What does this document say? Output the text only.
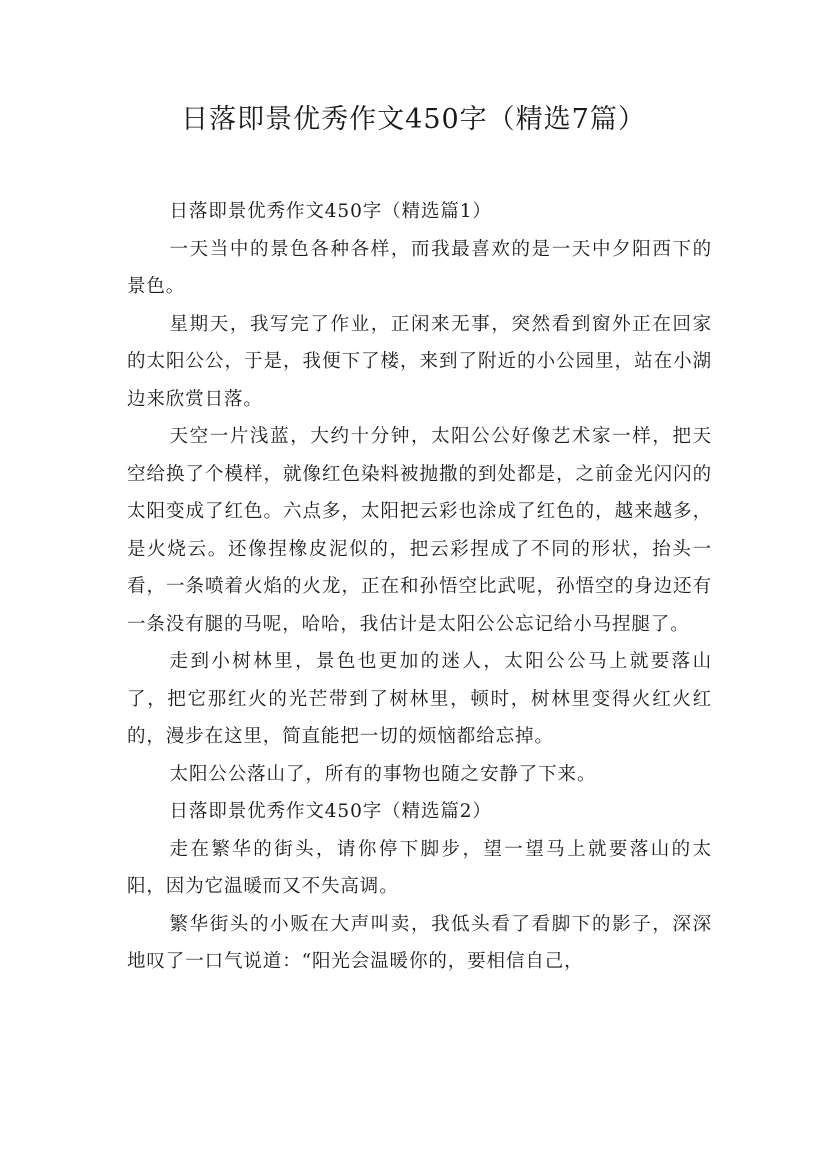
日落即景优秀作文450字（精选7篇）

日落即景优秀作文450字（精选篇1）

一天当中的景色各种各样，而我最喜欢的是一天中夕阳西下的景色。

星期天，我写完了作业，正闲来无事，突然看到窗外正在回家的太阳公公，于是，我便下了楼，来到了附近的小公园里，站在小湖边来欣赏日落。

天空一片浅蓝，大约十分钟，太阳公公好像艺术家一样，把天空给换了个模样，就像红色染料被抛撒的到处都是，之前金光闪闪的太阳变成了红色。六点多，太阳把云彩也涂成了红色的，越来越多，是火烧云。还像捏橡皮泥似的，把云彩捏成了不同的形状，抬头一看，一条喷着火焰的火龙，正在和孙悟空比武呢，孙悟空的身边还有一条没有腿的马呢，哈哈，我估计是太阳公公忘记给小马捏腿了。

走到小树林里，景色也更加的迷人，太阳公公马上就要落山了，把它那红火的光芒带到了树林里，顿时，树林里变得火红火红的，漫步在这里，简直能把一切的烦恼都给忘掉。

太阳公公落山了，所有的事物也随之安静了下来。

日落即景优秀作文450字（精选篇2）

走在繁华的街头，请你停下脚步，望一望马上就要落山的太阳，因为它温暖而又不失高调。

繁华街头的小贩在大声叫卖，我低头看了看脚下的影子，深深地叹了一口气说道：“阳光会温暖你的，要相信自己，
